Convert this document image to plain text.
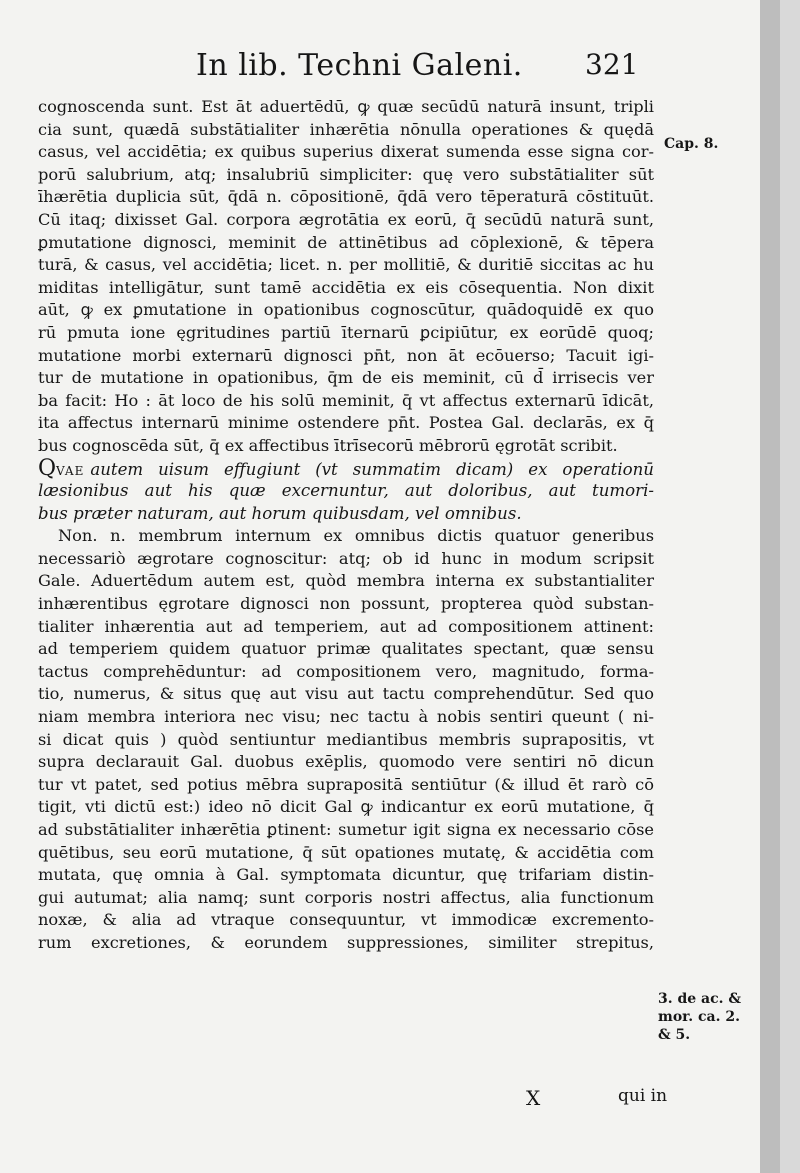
In lib. Techni Galeni. 321
cognoscenda sunt. Est āt aduertēdū, ꝙ quæ secūdū naturā insunt, tripli
cia sunt, quædā substātialiter inhærētia nōnulla operationes & quędā
casus, vel accidētia; ex quibus superius dixerat sumenda esse signa cor-
porū salubrium, atq; insalubriū simpliciter: quę vero substātialiter sūt
īhærētia duplicia sūt, q̄dā n. cōpositionē, q̄dā vero tēperaturā cōstituūt.
Cū itaq; dixisset Gal. corpora ægrotātia ex eorū, q̄ secūdū naturā sunt,
ꝑmutatione dignosci, meminit de attinētibus ad cōplexionē, & tēpera
turā, & casus, vel accidētia; licet. n. per mollitiē, & duritiē siccitas ac hu
miditas intelligātur, sunt tamē accidētia ex eis cōsequentia. Non dixit
aūt, ꝙ ex ꝑmutatione in opationibus cognoscūtur, quādoquidē ex quo
rū pmuta ione ęgritudines partiū īternarū ꝑcipiūtur, ex eorūdē quoq;
mutatione morbi externarū dignosci pn̄t, non āt ecōuerso; Tacuit igi-
tur de mutatione in opationibus, q̄m de eis meminit, cū d̄ irrisecis ver
ba facit: Ho : āt loco de his solū meminit, q̄ vt affectus externarū īdicāt,
ita affectus internarū minime ostendere pn̄t. Postea Gal. declarās, ex q̄
bus cognoscēda sūt, q̄ ex affectibus ītrīsecorū mēbrorū ęgrotāt scribit.
QVAE autem uisum effugiunt (vt summatim dicam) ex operationū
læsionibus aut his quæ excernuntur, aut doloribus, aut tumori-
bus præter naturam, aut horum quibusdam, vel omnibus.
Non. n. membrum internum ex omnibus dictis quatuor generibus
necessariò ægrotare cognoscitur: atq; ob id hunc in modum scripsit
Gale. Aduertēdum autem est, quòd membra interna ex substantialiter
inhærentibus ęgrotare dignosci non possunt, propterea quòd substan-
tialiter inhærentia aut ad temperiem, aut ad compositionem attinent:
ad temperiem quidem quatuor primæ qualitates spectant, quæ sensu
tactus comprehēduntur: ad compositionem vero, magnitudo, forma-
tio, numerus, & situs quę aut visu aut tactu comprehendūtur. Sed quo
niam membra interiora nec visu; nec tactu à nobis sentiri queunt ( ni-
si dicat quis ) quòd sentiuntur mediantibus membris suprapositis, vt
supra declarauit Gal. duobus exēplis, quomodo vere sentiri nō dicun
tur vt patet, sed potius mēbra suprapositā sentiūtur (& illud ēt rarò cō
tigit, vti dictū est:) ideo nō dicit Gal ꝙ indicantur ex eorū mutatione, q̄
ad substātialiter inhærētia ꝑtinent: sumetur igit signa ex necessario cōse
quētibus, seu eorū mutatione, q̄ sūt opationes mutatę, & accidētia com
mutata, quę omnia à Gal. symptomata dicuntur, quę trifariam distin-
gui autumat; alia namq; sunt corporis nostri affectus, alia functionum
noxæ, & alia ad vtraque consequuntur, vt immodicæ excremento-
rum excretiones, & eorundem suppressiones, similiter strepitus,
Cap. 8.
3. de ac. &
mor. ca. 2.
& 5.
X	qui in
